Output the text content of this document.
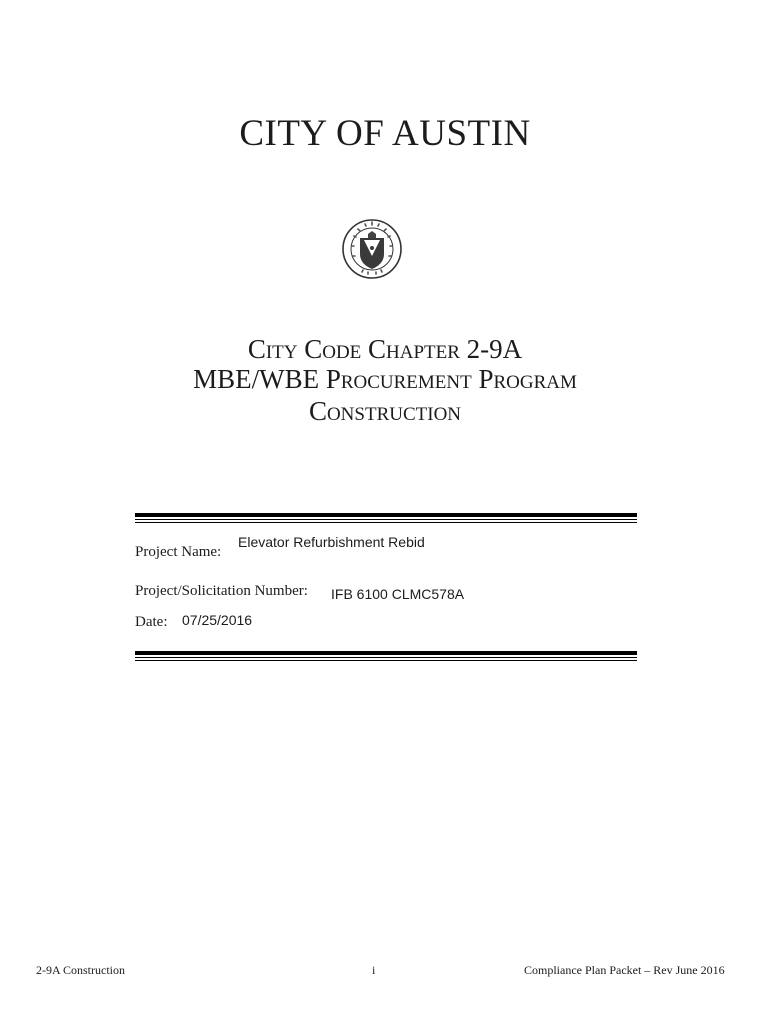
CITY OF AUSTIN
City Code Chapter 2-9A
MBE/WBE Procurement Program
Construction
Project Name:
Elevator Refurbishment Rebid
Project/Solicitation Number: IFB 6100 CLMC578A
Date: 07/25/2016
2-9A Construction	i	Compliance Plan Packet – Rev June 2016
